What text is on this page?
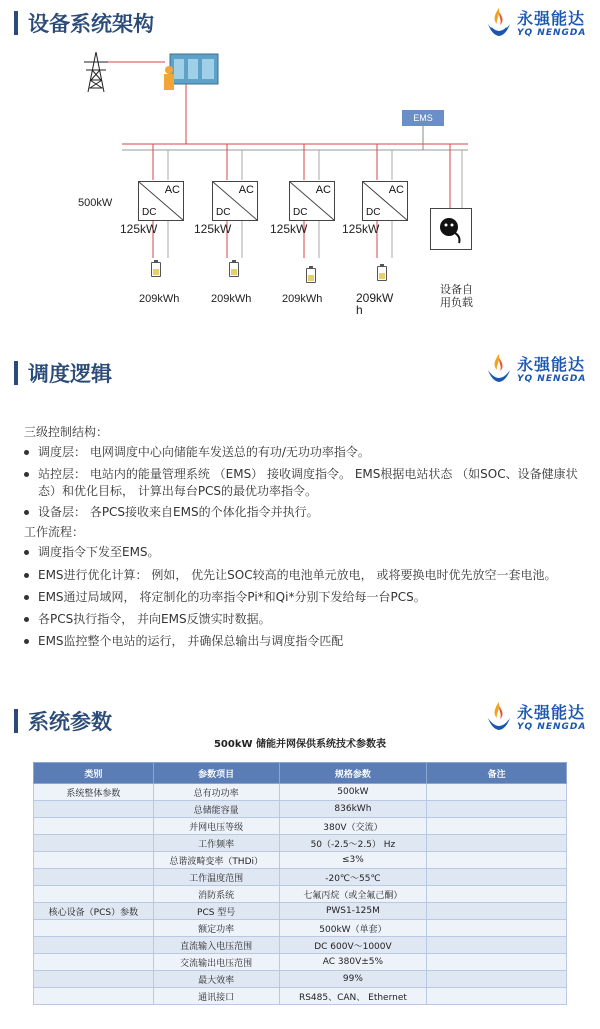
设备系统架构	永强能达
YQ NENGDA
EMS
500kW
AC
DC
AC
DC
AC
DC
AC
DC
125kW	125kW	125kW	125kW
209kWh	209kWh	209kWh	209kW
h
设备自
用负载
调度逻辑	永强能达
YQ NENGDA
三级控制结构：
调度层： 电网调度中心向储能车发送总的有功/无功功率指令。
站控层： 电站内的能量管理系统 （EMS） 接收调度指令。 EMS根据电站状态 （如SOC、设备健康状态）和优化目标， 计算出每台PCS的最优功率指令。
设备层： 各PCS接收来自EMS的个体化指令并执行。
工作流程：
调度指令下发至EMS。
EMS进行优化计算： 例如， 优先让SOC较高的电池单元放电， 或将要换电时优先放空一套电池。
EMS通过局域网， 将定制化的功率指令Pi*和Qi*分别下发给每一台PCS。
各PCS执行指令， 并向EMS反馈实时数据。
EMS监控整个电站的运行， 并确保总输出与调度指令匹配
系统参数	永强能达
YQ NENGDA
500kW 储能并网保供系统技术参数表
类别	参数项目	规格参数	备注
系统整体参数	总有功功率	500kW	
	总储能容量	836kWh	
	并网电压等级	380V（交流）	
	工作频率	50（-2.5～2.5） Hz	
	总谐波畸变率（THDi）	≤3%	
	工作温度范围	-20℃～55℃	
	消防系统	七氟丙烷（或全氟己酮）	
核心设备（PCS）参数	PCS 型号	PWS1-125M	
	额定功率	500kW（单套）	
	直流输入电压范围	DC 600V～1000V	
	交流输出电压范围	AC 380V±5%	
	最大效率	99%	
	通讯接口	RS485、CAN、 Ethernet	
